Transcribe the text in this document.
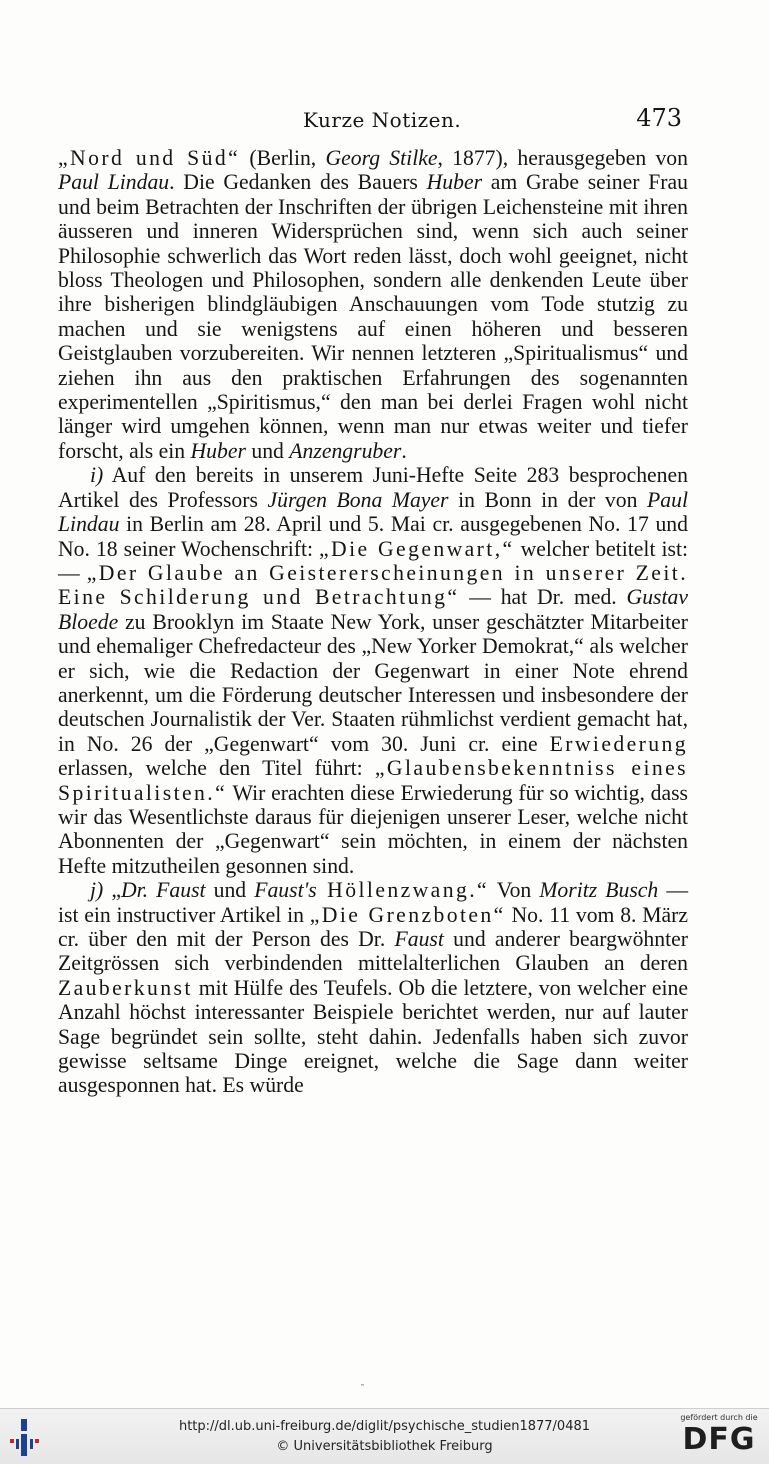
Kurze Notizen.	473

„Nord und Süd“ (Berlin, Georg Stilke, 1877), herausgegeben von Paul Lindau. Die Gedanken des Bauers Huber am Grabe seiner Frau und beim Betrachten der Inschriften der übrigen Leichensteine mit ihren äusseren und inneren Widersprüchen sind, wenn sich auch seiner Philosophie schwerlich das Wort reden lässt, doch wohl geeignet, nicht bloss Theologen und Philosophen, sondern alle denkenden Leute über ihre bisherigen blindgläubigen Anschauungen vom Tode stutzig zu machen und sie wenigstens auf einen höheren und besseren Geistglauben vorzubereiten. Wir nennen letzteren „Spiritualismus“ und ziehen ihn aus den praktischen Erfahrungen des sogenannten experimentellen „Spiritismus,“ den man bei derlei Fragen wohl nicht länger wird umgehen können, wenn man nur etwas weiter und tiefer forscht, als ein Huber und Anzengruber.

i) Auf den bereits in unserem Juni-Hefte Seite 283 besprochenen Artikel des Professors Jürgen Bona Mayer in Bonn in der von Paul Lindau in Berlin am 28. April und 5. Mai cr. ausgegebenen No. 17 und No. 18 seiner Wochenschrift: „Die Gegenwart,“ welcher betitelt ist: — „Der Glaube an Geistererscheinungen in unserer Zeit. Eine Schilderung und Betrachtung“ — hat Dr. med. Gustav Bloede zu Brooklyn im Staate New York, unser geschätzter Mitarbeiter und ehemaliger Chefredacteur des „New Yorker Demokrat,“ als welcher er sich, wie die Redaction der Gegenwart in einer Note ehrend anerkennt, um die Förderung deutscher Interessen und insbesondere der deutschen Journalistik der Ver. Staaten rühmlichst verdient gemacht hat, in No. 26 der „Gegenwart“ vom 30. Juni cr. eine Erwiederung erlassen, welche den Titel führt: „Glaubensbekenntniss eines Spiritualisten.“ Wir erachten diese Erwiederung für so wichtig, dass wir das Wesentlichste daraus für diejenigen unserer Leser, welche nicht Abonnenten der „Gegenwart“ sein möchten, in einem der nächsten Hefte mitzutheilen gesonnen sind.

j) „Dr. Faust und Faust's Höllenzwang.“ Von Moritz Busch — ist ein instructiver Artikel in „Die Grenzboten“ No. 11 vom 8. März cr. über den mit der Person des Dr. Faust und anderer beargwöhnter Zeitgrössen sich verbindenden mittelalterlichen Glauben an deren Zauberkunst mit Hülfe des Teufels. Ob die letztere, von welcher eine Anzahl höchst interessanter Beispiele berichtet werden, nur auf lauter Sage begründet sein sollte, steht dahin. Jedenfalls haben sich zuvor gewisse seltsame Dinge ereignet, welche die Sage dann weiter ausgesponnen hat. Es würde

˜
http://dl.ub.uni-freiburg.de/diglit/psychische_studien1877/0481
© Universitätsbibliothek Freiburg
gefördert durch die
DFG
